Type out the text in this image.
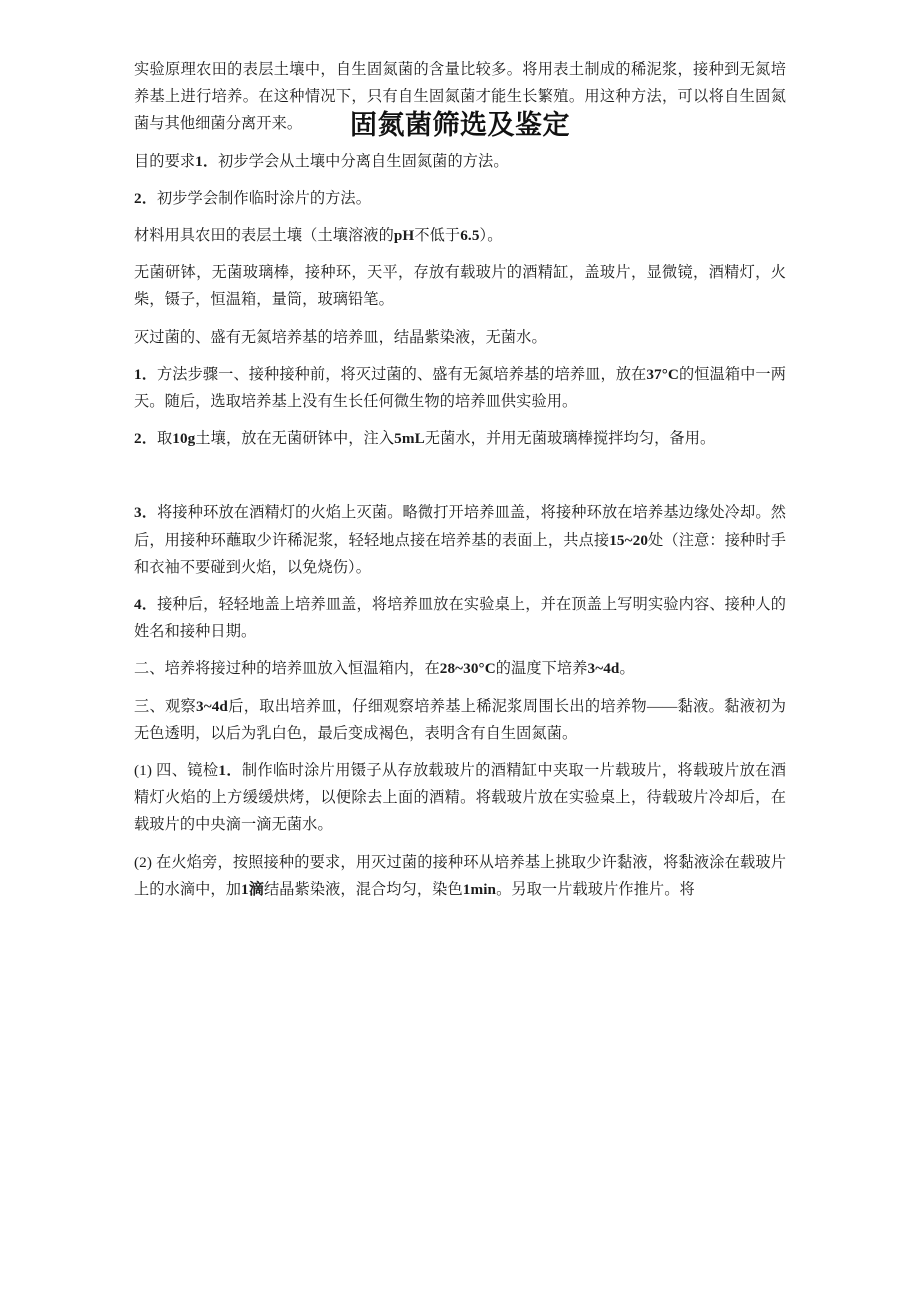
固氮菌筛选及鉴定
实验原理农田的表层土壤中，自生固氮菌的含量比较多。将用表土制成的稀泥浆，接种到无氮培养基上进行培养。在这种情况下，只有自生固氮菌才能生长繁殖。用这种方法，可以将自生固氮菌与其他细菌分离开来。
目的要求1．初步学会从土壤中分离自生固氮菌的方法。
2．初步学会制作临时涂片的方法。
材料用具农田的表层土壤（土壤溶液的pH不低于6.5）。
无菌研钵，无菌玻璃棒，接种环，天平，存放有载玻片的酒精缸，盖玻片，显微镜，酒精灯，火柴，镊子，恒温箱，量筒，玻璃铅笔。
灭过菌的、盛有无氮培养基的培养皿，结晶紫染液，无菌水。
1．方法步骤一、接种接种前，将灭过菌的、盛有无氮培养基的培养皿，放在37°C的恒温箱中一两天。随后，选取培养基上没有生长任何微生物的培养皿供实验用。
2．取10g土壤，放在无菌研钵中，注入5mL无菌水，并用无菌玻璃棒搅拌均匀，备用。

3．将接种环放在酒精灯的火焰上灭菌。略微打开培养皿盖，将接种环放在培养基边缘处冷却。然后，用接种环蘸取少许稀泥浆，轻轻地点接在培养基的表面上，共点接15~20处（注意：接种时手和衣袖不要碰到火焰，以免烧伤）。
4．接种后，轻轻地盖上培养皿盖，将培养皿放在实验桌上，并在顶盖上写明实验内容、接种人的姓名和接种日期。
二、培养将接过种的培养皿放入恒温箱内，在28~30°C的温度下培养3~4d。
三、观察3~4d后，取出培养皿，仔细观察培养基上稀泥浆周围长出的培养物——黏液。黏液初为无色透明，以后为乳白色，最后变成褐色，表明含有自生固氮菌。
(1) 四、镜检1．制作临时涂片用镊子从存放载玻片的酒精缸中夹取一片载玻片，将载玻片放在酒精灯火焰的上方缓缓烘烤，以便除去上面的酒精。将载玻片放在实验桌上，待载玻片冷却后，在载玻片的中央滴一滴无菌水。
(2) 在火焰旁，按照接种的要求，用灭过菌的接种环从培养基上挑取少许黏液，将黏液涂在载玻片上的水滴中，加1滴结晶紫染液，混合均匀，染色1min。另取一片载玻片作推片。将
